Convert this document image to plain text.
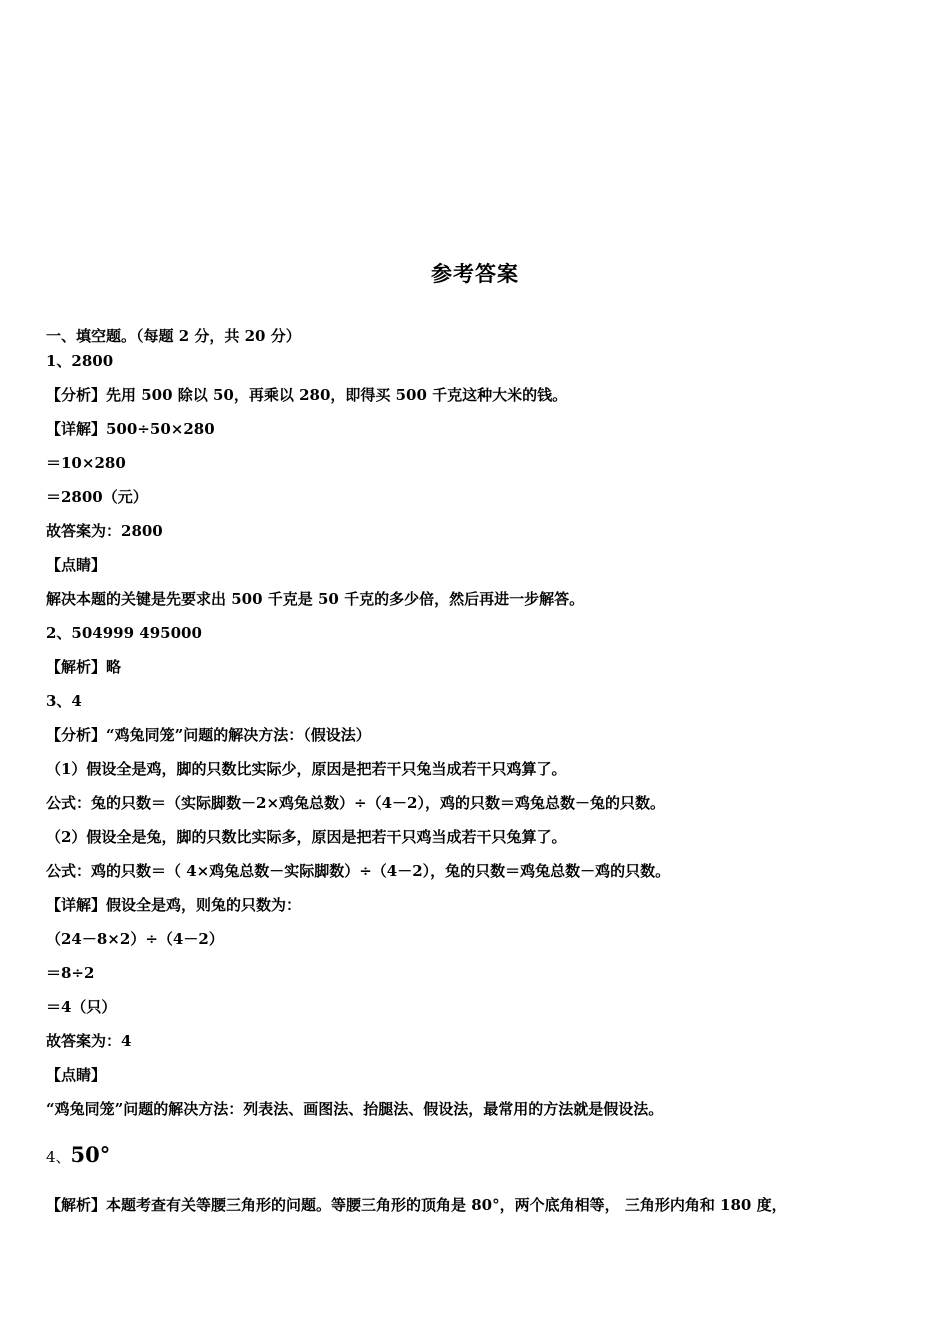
参考答案
一、填空题。（每题 2 分，共 20 分）
1、2800
【分析】先用 500 除以 50，再乘以 280，即得买 500 千克这种大米的钱。
【详解】500÷50×280
＝10×280
＝2800（元）
故答案为：2800
【点睛】
解决本题的关键是先要求出 500 千克是 50 千克的多少倍，然后再进一步解答。
2、504999 495000
【解析】略
3、4
【分析】“鸡兔同笼”问题的解决方法：（假设法）
（1）假设全是鸡，脚的只数比实际少，原因是把若干只兔当成若干只鸡算了。
公式：兔的只数＝（实际脚数－2×鸡兔总数）÷（4－2），鸡的只数＝鸡兔总数－兔的只数。
（2）假设全是兔，脚的只数比实际多，原因是把若干只鸡当成若干只兔算了。
公式：鸡的只数＝（ 4×鸡兔总数－实际脚数）÷（4－2），兔的只数＝鸡兔总数－鸡的只数。
【详解】假设全是鸡，则兔的只数为：
（24－8×2）÷（4－2）
＝8÷2
＝4（只）
故答案为：4
【点睛】
“鸡兔同笼”问题的解决方法：列表法、画图法、抬腿法、假设法，最常用的方法就是假设法。
4、50°
【解析】本题考查有关等腰三角形的问题。等腰三角形的顶角是 80°，两个底角相等， 三角形内角和 180 度，
